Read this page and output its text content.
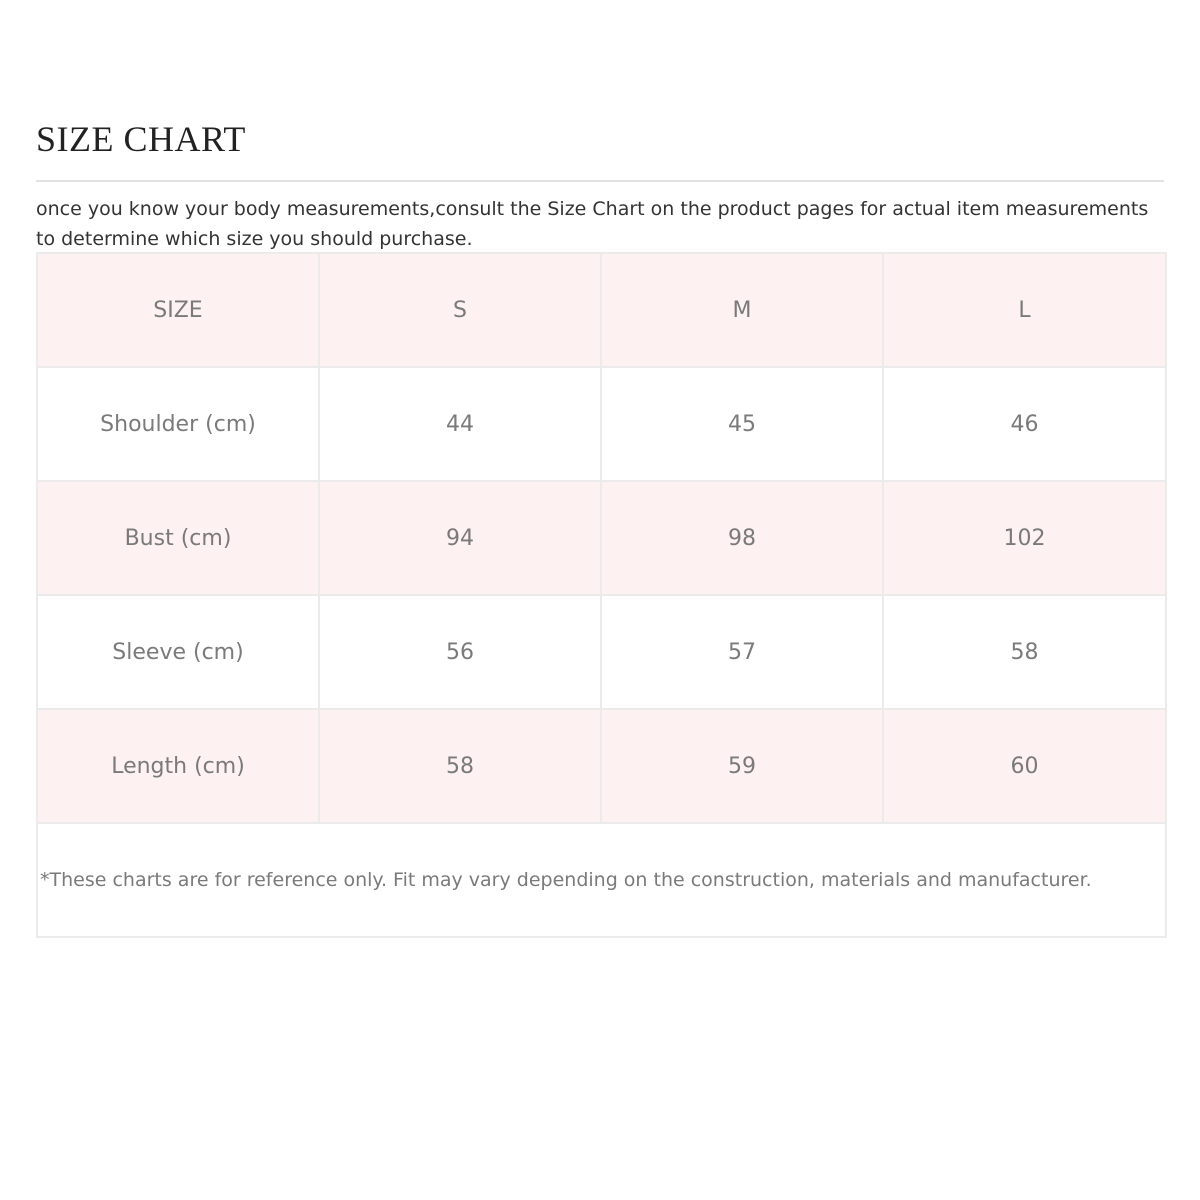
SIZE CHART

once you know your body measurements,consult the Size Chart on the product pages for actual item measurements to determine which size you should purchase.

SIZE	S	M	L
Shoulder (cm)	44	45	46
Bust (cm)	94	98	102
Sleeve (cm)	56	57	58
Length (cm)	58	59	60
*These charts are for reference only. Fit may vary depending on the construction, materials and manufacturer.			
